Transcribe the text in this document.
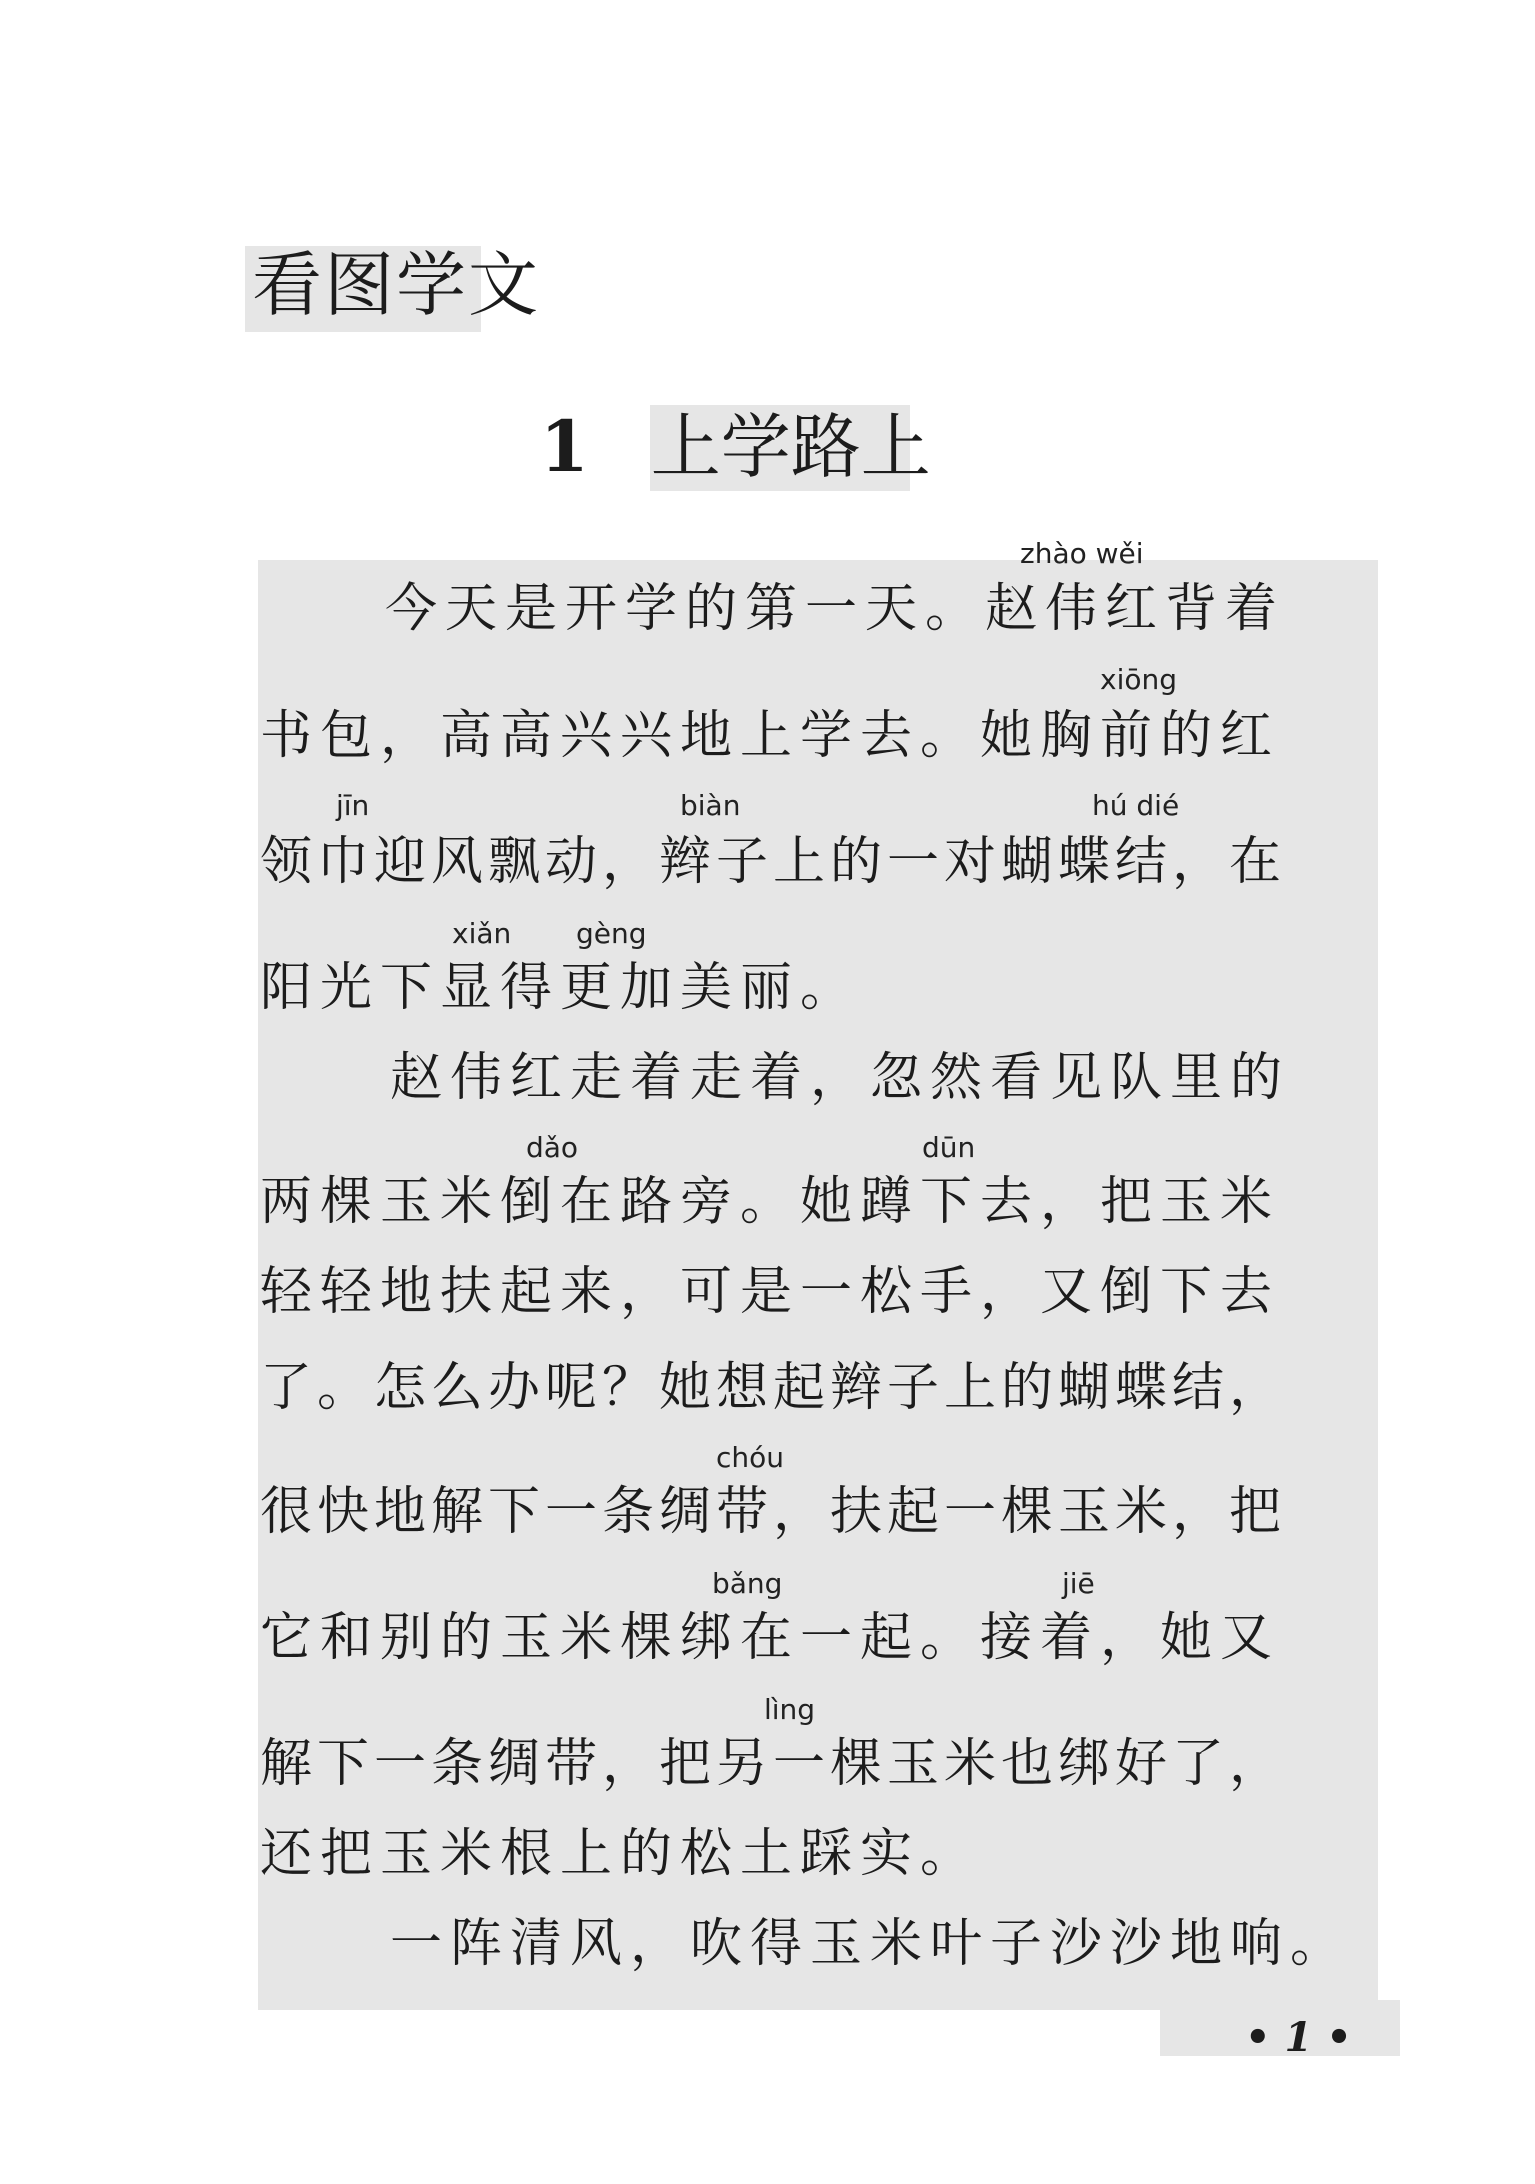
看图学文
1 上学路上
zhào wěi
xiōng
jīn	biàn	hú dié
xiǎn gèng
dǎo	dūn
chóu
bǎng	jiē
lìng
今天是开学的第一天。赵伟红背着
书包，高高兴兴地上学去。她胸前的红
领巾迎风飘动，辫子上的一对蝴蝶结，在
阳光下显得更加美丽。
赵伟红走着走着，忽然看见队里的
两棵玉米倒在路旁。她蹲下去，把玉米
轻轻地扶起来，可是一松手，又倒下去
了。怎么办呢？她想起辫子上的蝴蝶结，
很快地解下一条绸带，扶起一棵玉米，把
它和别的玉米棵绑在一起。接着，她又
解下一条绸带，把另一棵玉米也绑好了，
还把玉米根上的松土踩实。
一阵清风，吹得玉米叶子沙沙地响。
• 1 •
